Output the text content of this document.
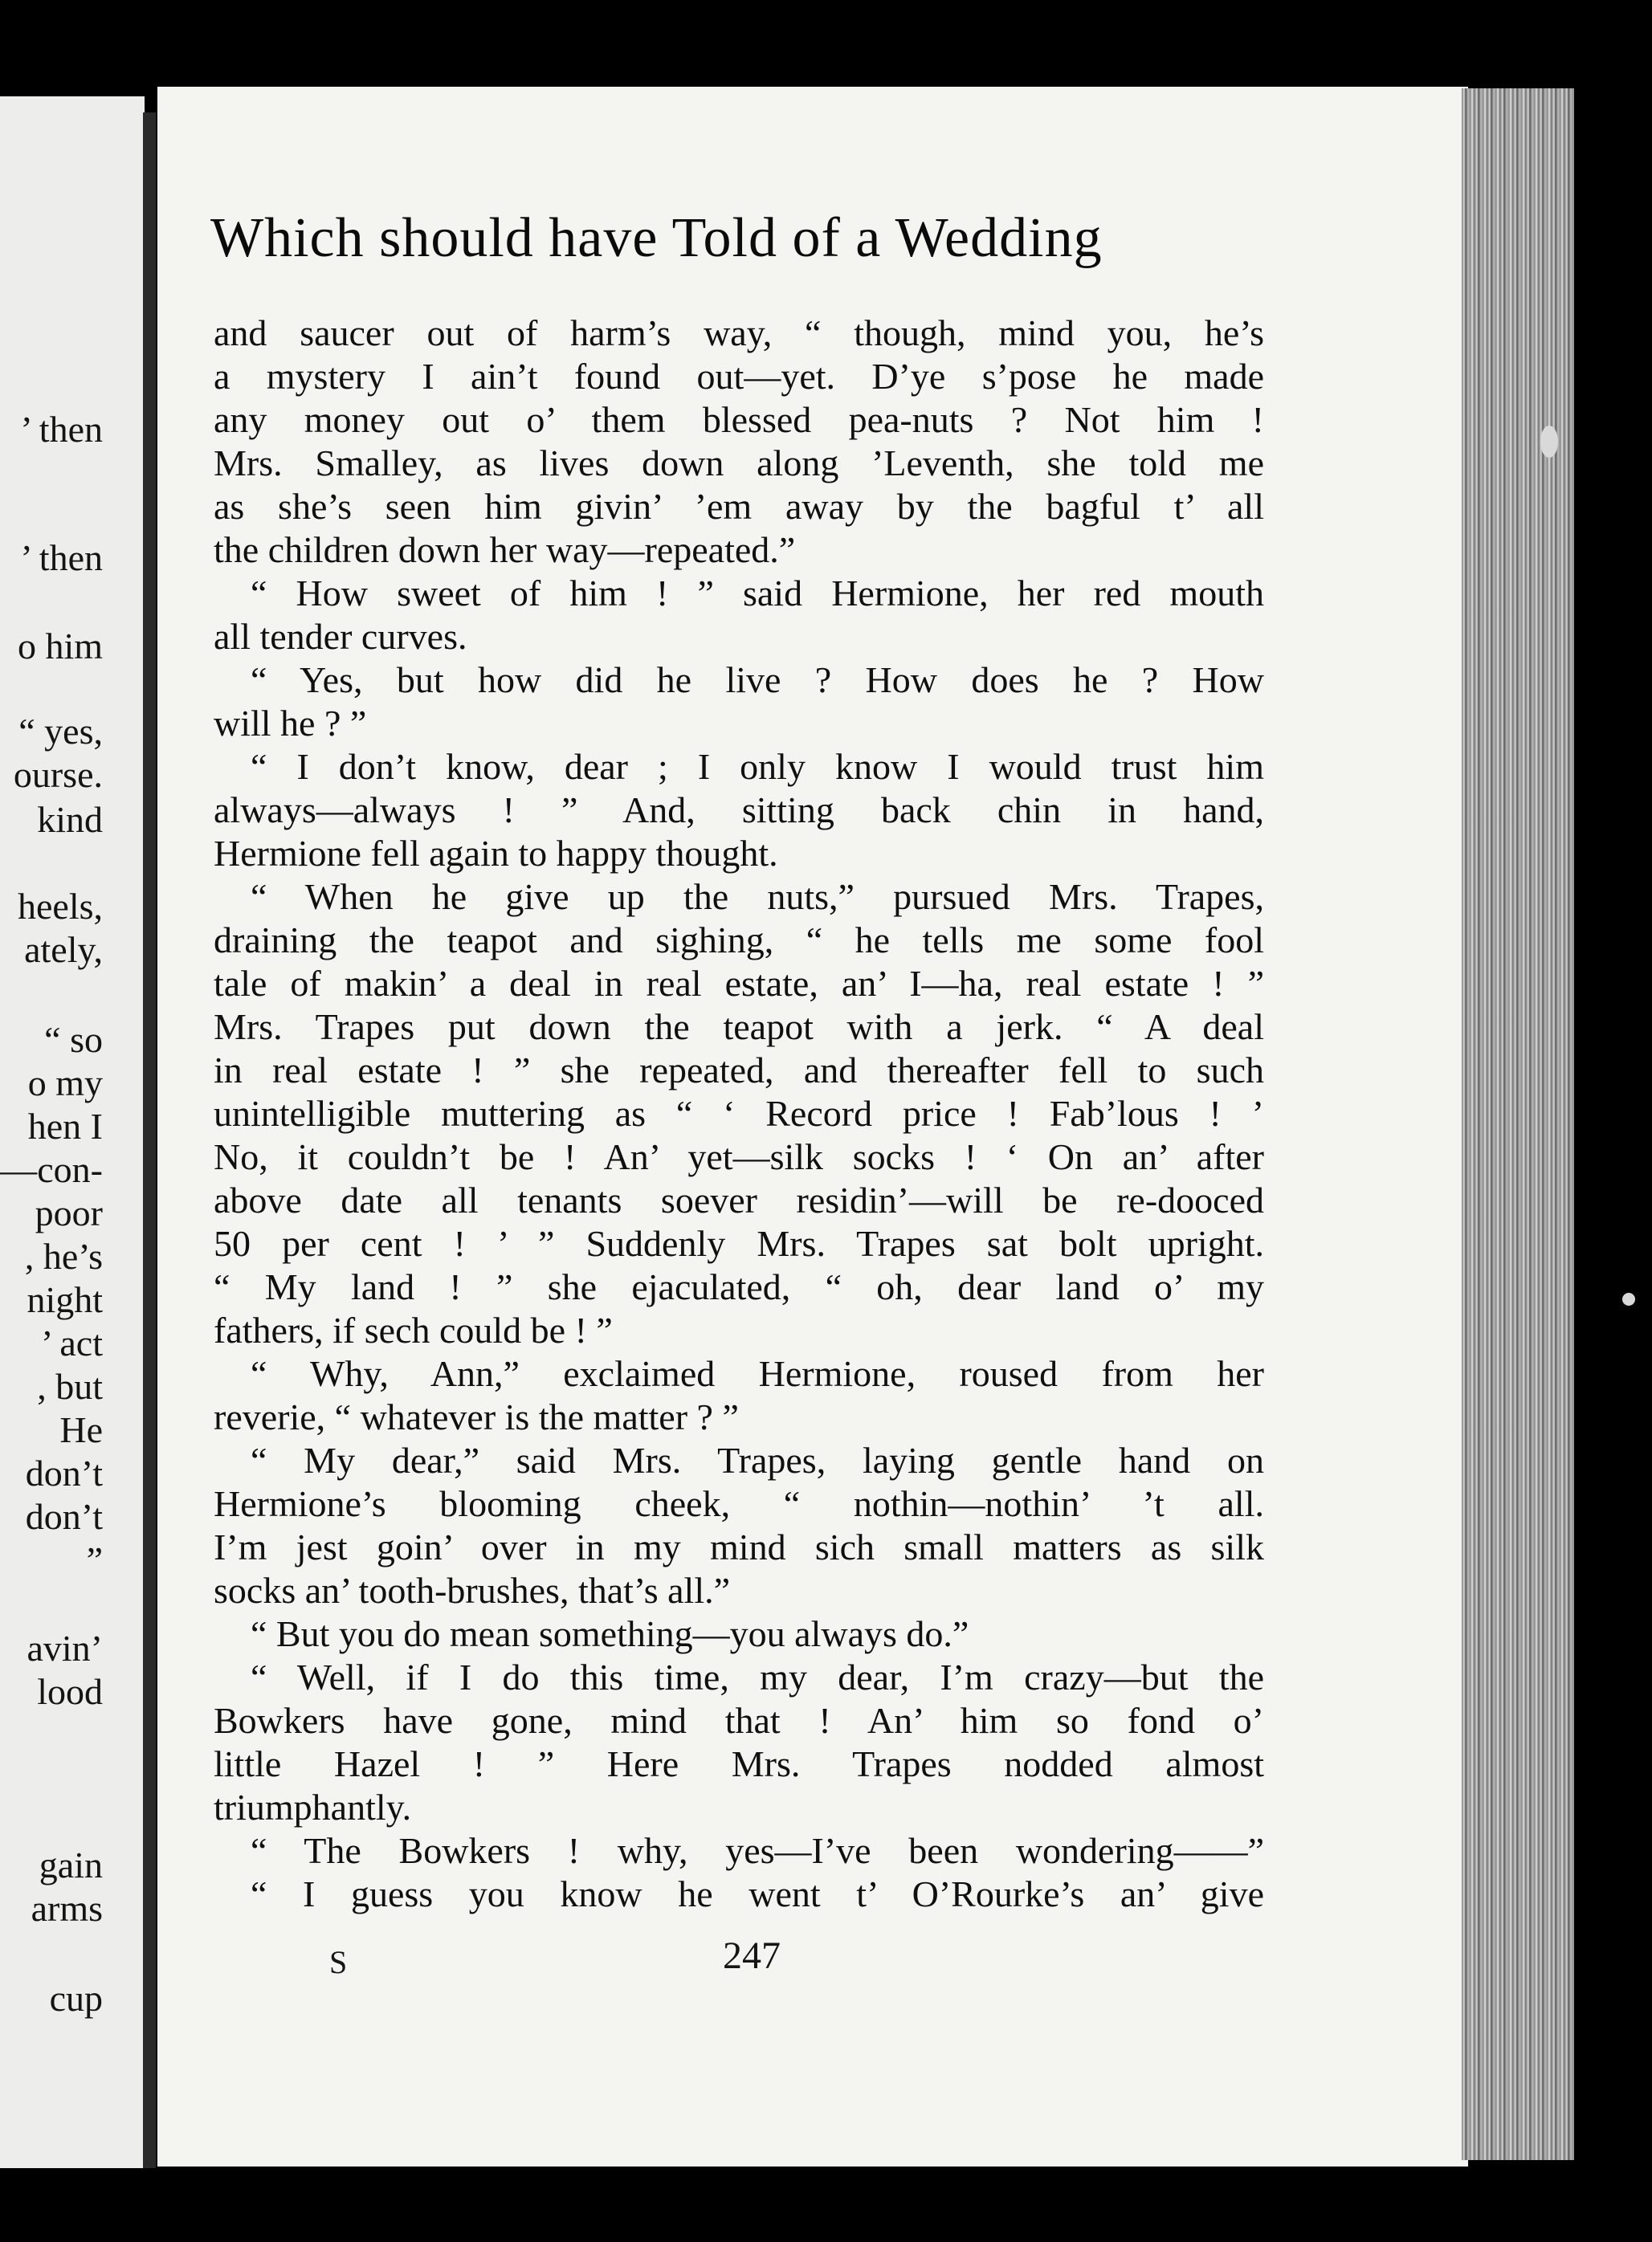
’ then
’ then
o him
“ yes,
ourse.
kind
heels,
ately,
“ so
o my
hen I
—con-
poor
, he’s
night
’ act
, but
He
don’t
don’t
”
avin’
lood
gain
arms
cup
Which should have Told of a Wedding
and saucer out of harm’s way, “ though, mind you, he’s
a mystery I ain’t found out—yet. D’ye s’pose he made
any money out o’ them blessed pea-nuts ? Not him !
Mrs. Smalley, as lives down along ’Leventh, she told me
as she’s seen him givin’ ’em away by the bagful t’ all
the children down her way—repeated.”
“ How sweet of him ! ” said Hermione, her red mouth
all tender curves.
“ Yes, but how did he live ? How does he ? How
will he ? ”
“ I don’t know, dear ; I only know I would trust him
always—always ! ” And, sitting back chin in hand,
Hermione fell again to happy thought.
“ When he give up the nuts,” pursued Mrs. Trapes,
draining the teapot and sighing, “ he tells me some fool
tale of makin’ a deal in real estate, an’ I—ha, real estate ! ”
Mrs. Trapes put down the teapot with a jerk. “ A deal
in real estate ! ” she repeated, and thereafter fell to such
unintelligible muttering as “ ‘ Record price ! Fab’lous ! ’
No, it couldn’t be ! An’ yet—silk socks ! ‘ On an’ after
above date all tenants soever residin’—will be re-dooced
50 per cent ! ’ ” Suddenly Mrs. Trapes sat bolt upright.
“ My land ! ” she ejaculated, “ oh, dear land o’ my
fathers, if sech could be ! ”
“ Why, Ann,” exclaimed Hermione, roused from her
reverie, “ whatever is the matter ? ”
“ My dear,” said Mrs. Trapes, laying gentle hand on
Hermione’s blooming cheek, “ nothin—nothin’ ’t all.
I’m jest goin’ over in my mind sich small matters as silk
socks an’ tooth-brushes, that’s all.”
“ But you do mean something—you always do.”
“ Well, if I do this time, my dear, I’m crazy—but the
Bowkers have gone, mind that ! An’ him so fond o’
little Hazel ! ” Here Mrs. Trapes nodded almost
triumphantly.
“ The Bowkers ! why, yes—I’ve been wondering——”
“ I guess you know he went t’ O’Rourke’s an’ give
S	247
